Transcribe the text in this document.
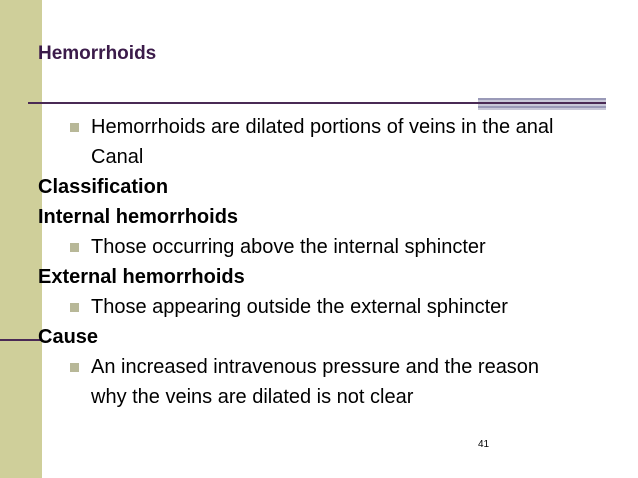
Hemorrhoids
Hemorrhoids are dilated portions of veins in the anal
Canal
Classification
Internal hemorrhoids
Those occurring above the internal sphincter
External hemorrhoids
Those appearing outside the external sphincter
Cause
An increased intravenous pressure and the reason
why the veins are dilated is not clear
41
